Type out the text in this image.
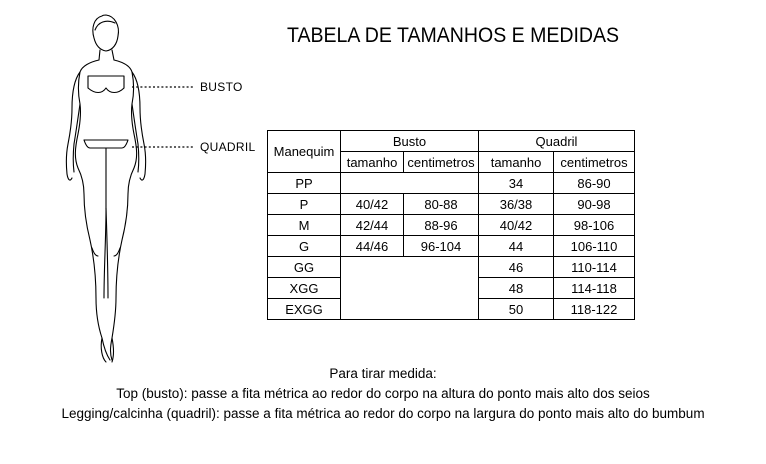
BUSTO
QUADRIL
TABELA DE TAMANHOS E MEDIDAS
Manequim	Busto		Quadril	
	tamanho	centimetros	tamanho	centimetros
PP			34	86-90
P	40/42	80-88	36/38	90-98
M	42/44	88-96	40/42	98-106
G	44/46	96-104	44	106-110
GG			46	110-114
XGG			48	114-118
EXGG			50	118-122
Para tirar medida:
Top (busto): passe a fita métrica ao redor do corpo na altura do ponto mais alto dos seios
Legging/calcinha (quadril): passe a fita métrica ao redor do corpo na largura do ponto mais alto do bumbum
